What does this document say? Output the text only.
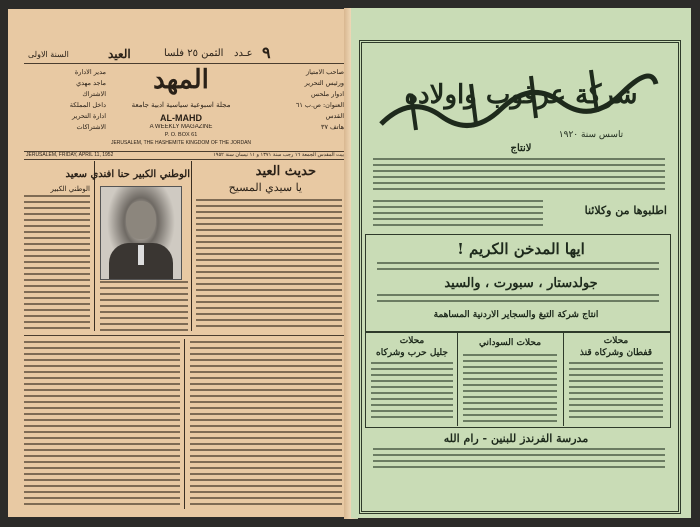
عـدد ٩
الثمن ٢٥ فلسا
العيد
السنة الاولى
صاحب الامتياز
ورئيس التحرير
ادوار ملحس
العنوان: ص.ب ٦١
القدس
هاتف ٣٧
مدير الادارة
ماجد مهدي
الاشتراك
داخل المملكة
ادارة التحرير
الاشتراكات
المهد
مجلة اسبوعية سياسية ادبية جامعة
AL-MAHD
A WEEKLY MAGAZINE
P. O. BOX 61
JERUSALEM, THE HASHEMITE KINGDOM OF THE JORDAN
JERUSALEM, FRIDAY, APRIL 11, 1952	بيت المقدس الجمعة ١٦ رجب سنة ١٣٧١ و ١١ نيسان سنة ١٩٥٢
حديث العيد
يا سيدي المسيح
الوطني الكبير حنا افندي سعيد
الوطني الكبير
شركة عرقوب واولاده
تأسس سنة ١٩٢٠
لانتاج
اطلبوها من وكلائنا
ايها المدخن الكريم !
جولدستار ، سبورت ، والسيد
انتاج شركة التبغ والسجاير الاردنية المساهمة
محلات
قفطان وشركاه قنذ
محلات السوداني
محلات
جليل حرب وشركاه
مدرسة الفرندز للبنين - رام الله
